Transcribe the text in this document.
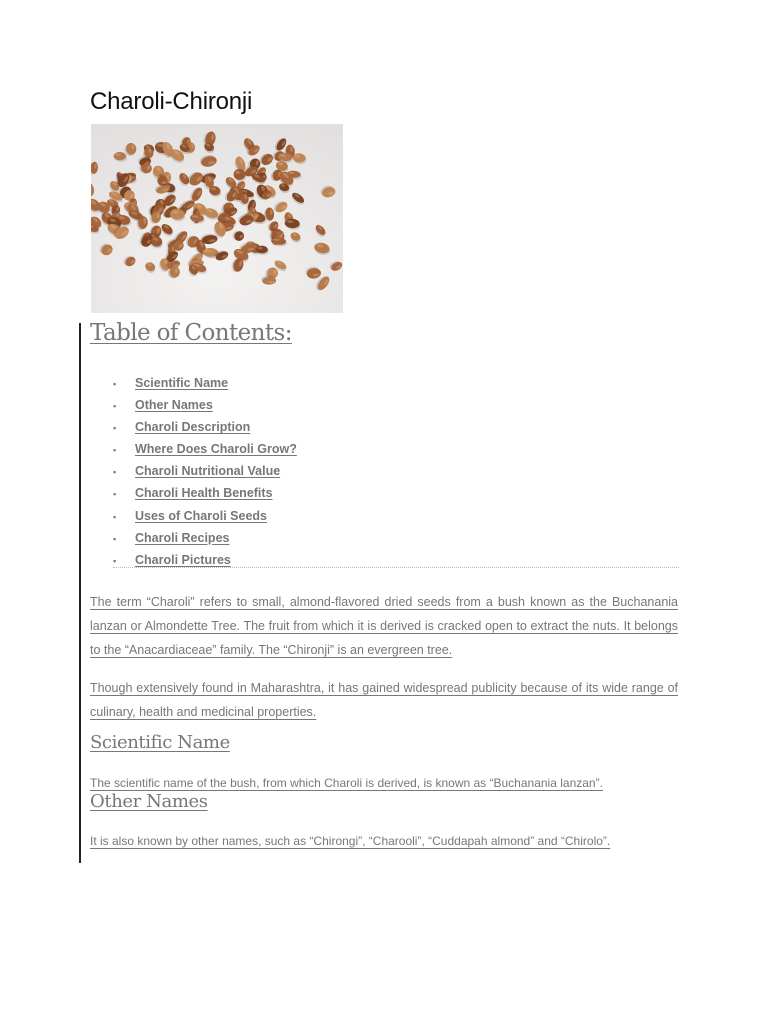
Charoli-Chironji
Table of Contents:
▪ Scientific Name
▪ Other Names
▪ Charoli Description
▪ Where Does Charoli Grow?
▪ Charoli Nutritional Value
▪ Charoli Health Benefits
▪ Uses of Charoli Seeds
▪ Charoli Recipes
▪ Charoli Pictures

The term “Charoli” refers to small, almond-flavored dried seeds from a bush known as the Buchanania lanzan or Almondette Tree. The fruit from which it is derived is cracked open to extract the nuts. It belongs to the “Anacardiaceae” family. The “Chironji” is an evergreen tree.

Though extensively found in Maharashtra, it has gained widespread publicity because of its wide range of culinary, health and medicinal properties.

Scientific Name

The scientific name of the bush, from which Charoli is derived, is known as “Buchanania lanzan”.

Other Names

It is also known by other names, such as “Chirongi”, “Charooli”, “Cuddapah almond” and “Chirolo”.
